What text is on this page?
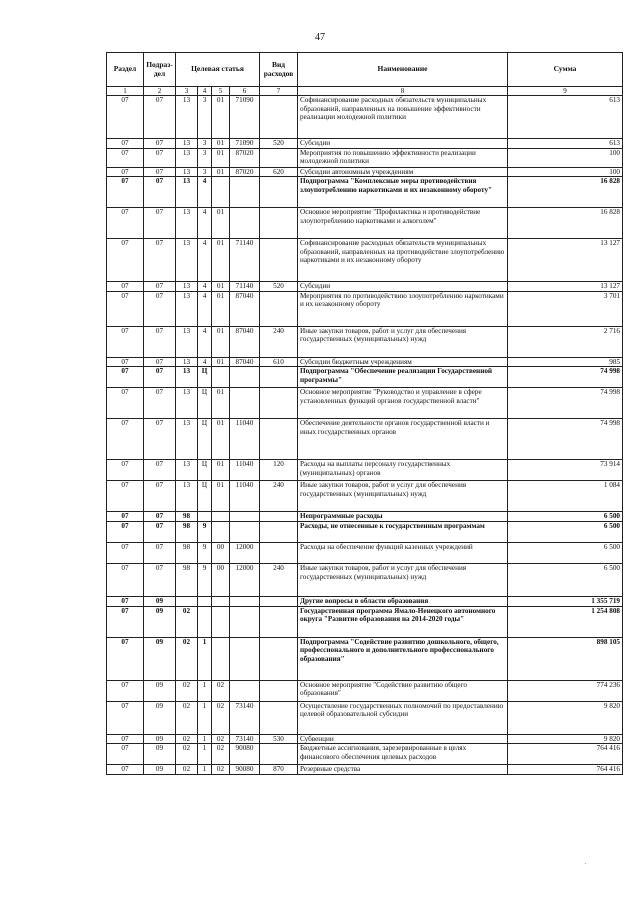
47
Раздел	Подраз-
дел	Целевая статья				Вид
расходов	Наименование	Сумма
1	2	3	4	5	6	7	8	9
07	07	13	3	01	71090		Софинансирование расходных обязательств муниципальных образований, направленных на повышение эффективности реализации молодежной политики	613
07	07	13	3	01	71090	520	Субсидии	613
07	07	13	3	01	87020		Мероприятия по повышению эффективности реализации молодежной политики	100
07	07	13	3	01	87020	620	Субсидии автономным учреждениям	100
07	07	13	4				Подпрограмма "Комплексные меры противодействия злоупотреблению наркотиками и их незаконному обороту"	16 828
07	07	13	4	01			Основное мероприятие "Профилактика и противодействие злоупотреблению наркотиками и алкоголем"	16 828
07	07	13	4	01	71140		Софинансирование расходных обязательств муниципальных образований, направленных на противодействие злоупотреблению наркотиками и их незаконному обороту	13 127
07	07	13	4	01	71140	520	Субсидии	13 127
07	07	13	4	01	87040		Мероприятия по противодействию злоупотреблению наркотиками и их незаконному обороту	3 701
07	07	13	4	01	87040	240	Иные закупки товаров, работ и услуг для обеспечения государственных (муниципальных) нужд	2 716
07	07	13	4	01	87040	610	Субсидии бюджетным учреждениям	985
07	07	13	Ц				Подпрограмма "Обеспечение реализации Государственной программы"	74 998
07	07	13	Ц	01			Основное мероприятие "Руководство и управление в сфере установленных функций органов государственной власти"	74 998
07	07	13	Ц	01	11040		Обеспечение деятельности органов государственной власти и иных государственных органов	74 998
07	07	13	Ц	01	11040	120	Расходы на выплаты персоналу государственных (муниципальных) органов	73 914
07	07	13	Ц	01	11040	240	Иные закупки товаров, работ и услуг для обеспечения государственных (муниципальных) нужд	1 084
07	07	98					Непрограммные расходы	6 500
07	07	98	9				Расходы, не отнесенные к государственным программам	6 500
07	07	98	9	00	12000		Расходы на обеспечение функций казенных учреждений	6 500
07	07	98	9	00	12000	240	Иные закупки товаров, работ и услуг для обеспечения государственных (муниципальных) нужд	6 500
07	09						Другие вопросы в области образования	1 355 719
07	09	02					Государственная программа Ямало-Ненецкого автономного округа "Развитие образования на 2014-2020 годы"	1 254 808
07	09	02	1				Подпрограмма "Содействие развитию дошкольного, общего, профессионального и дополнительного профессионального образования"	898 105
07	09	02	1	02			Основное мероприятие "Содействие развитию общего образования"	774 236
07	09	02	1	02	73140		Осуществление государственных полномочий по предоставлению целевой образовательной субсидии	9 820
07	09	02	1	02	73140	530	Субвенции	9 820
07	09	02	1	02	90080		Бюджетные ассигнования, зарезервированные в целях финансового обеспечения целевых расходов	764 416
07	09	02	1	02	90080	870	Резервные средства	764 416
.
